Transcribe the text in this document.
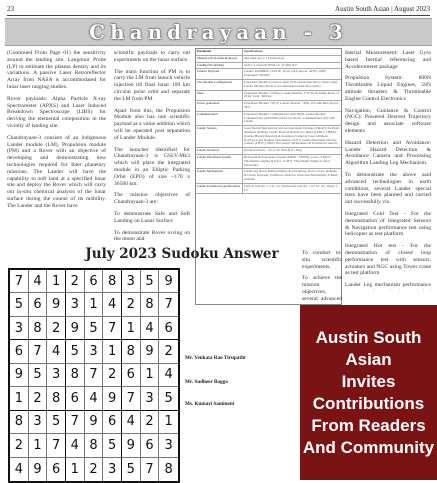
23	Austin South Asian | August 2023
Chandrayaan - 3

(Continued From Page 01) the sensitivity around the landing site, Langmuir Probe (LP) to estimate the plasma density and its variations. A passive Laser Retroreflector Array from NASA is accommodated for lunar laser ranging studies.

Rover payloads: Alpha Particle X-ray Spectrometer (APXS) and Laser Induced Breakdown Spectroscope (LIBS) for deriving the elemental composition in the vicinity of landing site.

Chandrayaan-3 consists of an indigenous Lander module (LM), Propulsion module (PM) and a Rover with an objective of developing and demonstrating new technologies required for Inter planetary missions. The Lander will have the capability to soft land at a specified lunar site and deploy the Rover which will carry out in-situ chemical analysis of the lunar surface during the course of its mobility. The Lander and the Rover have

scientific payloads to carry out experiments on the lunar surface.

The main function of PM is to carry the LM from launch vehicle injection till final lunar 100 km circular polar orbit and separate the LM from PM.

Apart from this, the Propulsion Module also has one scientific payload as a value addition which will be operated post separation of Lander Module.

The launcher identified for Chandrayaan-3 is GSLV-Mk3 which will place the integrated module in an Elliptic Parking Orbit (EPO) of size ~170 x 36500 km.

The mission objectives of Chandrayaan-3 are:

To demonstrate Safe and Soft Landing on Lunar Surface

To demonstrate Rover roving on the moon and

Parameter	Specifications
Mission Life (Lander & Rover)	One lunar day (~14 Earth days)
Landing Site (Prime)	4 km x 2.4 km 69.367621 S, 32.348126 E
Science Payloads	Lander: RAMBHA, ChaSTE, ILSA, LRA; Rover: APXS, LIBS; Propulsion: SHAPE
Two Module Configuration	Propulsion Module (Carries Lander from launch injection to Lunar orbit); Lander Module (Rover is accommodated inside the Lander)
Mass	Propulsion Module: 2148 kg; Lander Module: 1752 kg including Rover of 26 kg; Total: 3900 kg
Power generation	Propulsion Module: 758 W; Lander Module: 738W, WS with Bias; Rover: 50W
Communication	Propulsion Module: Communicates with IDSN; Lander Module: Communicates with IDSN and Rover; Rover: Communicates only with Lander
Lander Sensors	Laser Inertial Referencing and Accelerometer Package (LIRAP); Ka-Band Altimeter (KaRA); Lander Position Detection Camera (LPDC); LHDAC (Lander Hazard Detection & Avoidance Camera); Laser Altimeter (LASA); Laser Doppler Velocimeter (LDV); Lander Horizontal Velocity Camera (LHVC); Micro Star sensor; Inclinometer & Touchdown sensors
Lander Actuators	Reaction wheels – 4 nos (10 Nms & 0.1 Nm)
Lander Propulsion System	Bi-Propellant Propulsion System (MMH + MON3), 4 nos. of 800 N Throttleable engines & 8 nos. of 58 N; Throttleable Engine Control Electronics
Lander Mechanisms	Lander leg; Rover Ramp (Primary & Secondary); Rover; ILSA, Rambha & Chaste Payloads; Umbilical connector Protection Mechanism; X-Band Antenna
Lander Touchdown specifications	Vertical velocity: ≤ 2 m / sec; Horizontal velocity: ≤ 0.5 m / sec; Slope: ≤ 12°

Inertial Measurement: Laser Gyro based Inertial referencing and Accelerometer package

Propulsion System: 800N Throttleable Liquid Engines, 58N attitude thrusters & Throttleable Engine Control Electronics

Navigation, Guidance & Control (NGC): Powered Descent Trajectory design and associate software elements

Hazard Detection and Avoidance: Lander Hazard Detection & Avoidance Camera and Processing Algorithm Landing Leg Mechanism.

To demonstrate the above said advanced technologies in earth conditions, several Lander special tests have been planned and carried out successfully viz.

Integrated Cold Test - For the demonstration of Integrated Sensors & Navigation performance test using helicopter as test platform

Integrated Hot test - For the demonstration of closed loop performance test with sensors, actuators and NGC using Tower crane as test platform

Lander Leg mechanism performance

To conduct in-situ scientific experiments.

To achieve the mission objectives, several advanced

July 2023 Sudoku Answer
7 4 1 2 6 8 3 5 9
5 6 9 3 1 4 2 8 7
3 8 2 9 5 7 1 4 6
6 7 4 5 3 1 8 9 2
9 5 3 8 7 2 6 1 4
1 2 8 6 4 9 7 3 5
8 3 5 7 9 6 4 2 1
2 1 7 4 8 5 9 6 3
4 9 6 1 2 3 5 7 8
Mr. Venkata Rao Tirupathi
Mr. Sudheer Bagga
Ms. Kumari Samineni
Austin South Asian
Invites Contributions
From Readers
And Community
